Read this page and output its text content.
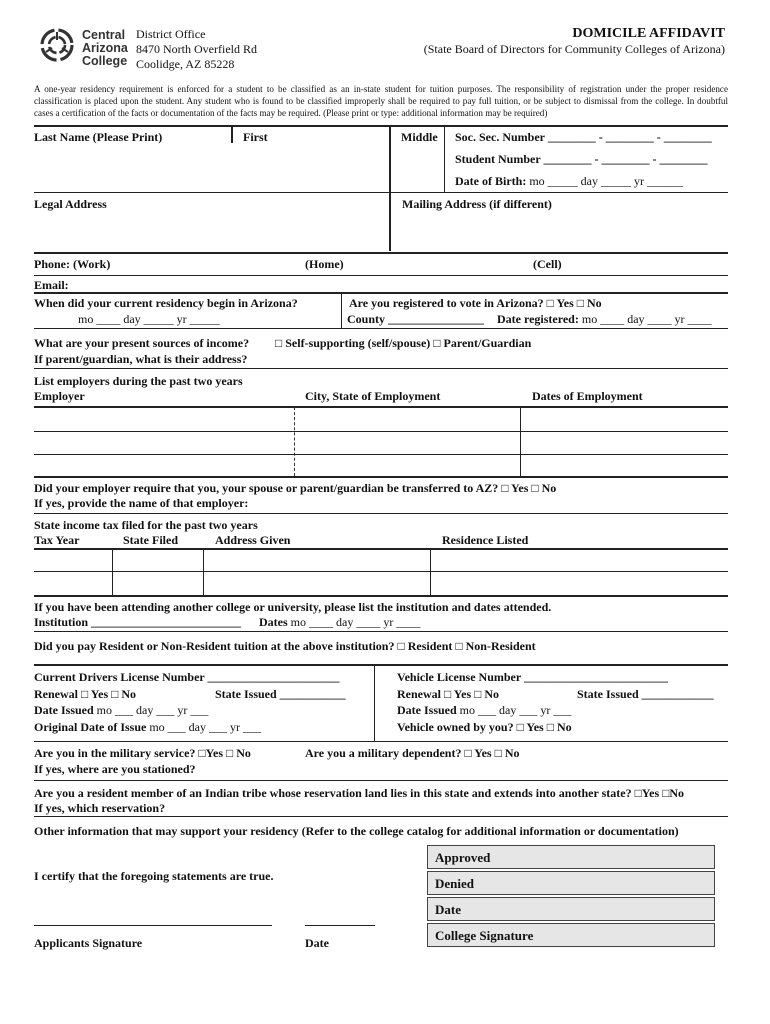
Central
Arizona
College
District Office
8470 North Overfield Rd
Coolidge, AZ 85228
DOMICILE AFFIDAVIT
(State Board of Directors for Community Colleges of Arizona)
A one-year residency requirement is enforced for a student to be classified as an in-state student for tuition purposes. The responsibility of registration under the proper residence classification is placed upon the student. Any student who is found to be classified improperly shall be required to pay full tuition, or be subject to dismissal from the college. In doubtful cases a certification of the facts or documentation of the facts may be required. (Please print or type: additional information may be required)
Last Name (Please Print)	First	Middle Soc. Sec. Number ________ - ________ - ________
Student Number ________ - ________ - ________
Date of Birth: mo _____ day _____ yr ______
Legal Address	Mailing Address (if different)
Phone: (Work)	(Home)	(Cell)
Email:
When did your current residency begin in Arizona?
mo ____ day _____ yr _____
Are you registered to vote in Arizona? □ Yes □ No
County ________________ Date registered: mo ____ day ____ yr ____
What are your present sources of income? □ Self-supporting (self/spouse) □ Parent/Guardian
If parent/guardian, what is their address?
List employers during the past two years
Employer	City, State of Employment	Dates of Employment
Did your employer require that you, your spouse or parent/guardian be transferred to AZ? □ Yes □ No
If yes, provide the name of that employer:
State income tax filed for the past two years
Tax Year	State Filed	Address Given	Residence Listed
If you have been attending another college or university, please list the institution and dates attended.
Institution _________________________ Dates mo ____ day ____ yr ____
Did you pay Resident or Non-Resident tuition at the above institution? □ Resident □ Non-Resident
Current Drivers License Number ______________________
Renewal □ Yes □ No	State Issued ___________
Date Issued mo ___ day ___ yr ___
Original Date of Issue mo ___ day ___ yr ___
Vehicle License Number ________________________
Renewal □ Yes □ No	State Issued ____________
Date Issued mo ___ day ___ yr ___
Vehicle owned by you? □ Yes □ No
Are you in the military service? □Yes □ No	Are you a military dependent? □ Yes □ No
If yes, where are you stationed?
Are you a resident member of an Indian tribe whose reservation land lies in this state and extends into another state? □Yes □No
If yes, which reservation?
Other information that may support your residency (Refer to the college catalog for additional information or documentation)
I certify that the foregoing statements are true.
Applicants Signature	Date
Approved
Denied
Date
College Signature
